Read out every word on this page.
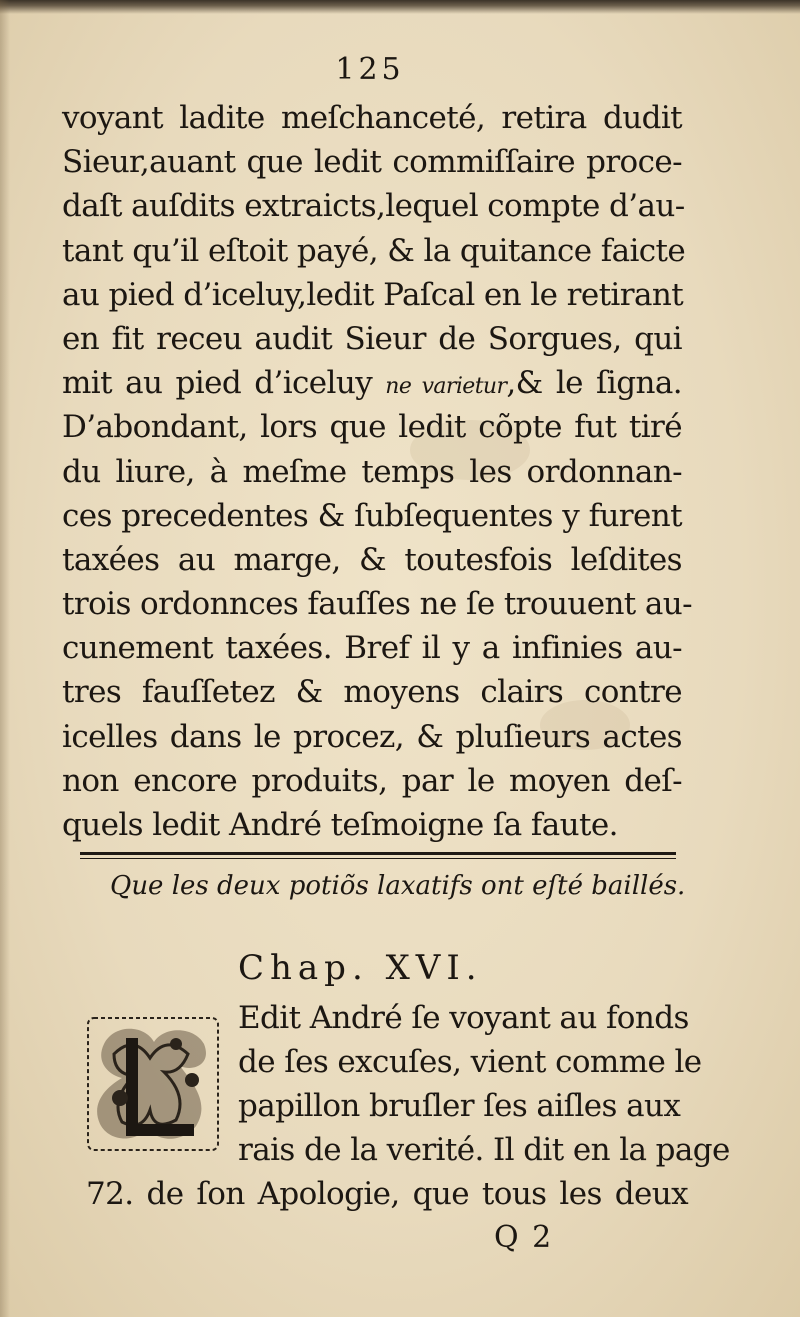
125
voyant ladite meſchanceté, retira dudit
Sieur,auant que ledit commiſſaire proce-
daſt auſdits extraicts,lequel compte d’au-
tant qu’il eſtoit payé, & la quitance faicte
au pied d’iceluy,ledit Paſcal en le retirant
en fit receu audit Sieur de Sorgues, qui
mit au pied d’iceluy ne varietur,& le ſigna.
D’abondant, lors que ledit cõpte fut tiré
du liure, à meſme temps les ordonnan-
ces precedentes & ſubſequentes y furent
taxées au marge, & toutesfois leſdites
trois ordonnces fauſſes ne ſe trouuent au-
cunement taxées. Bref il y a infinies au-
tres fauſſetez & moyens clairs contre
icelles dans le procez, & pluſieurs actes
non encore produits, par le moyen deſ-
quels ledit André teſmoigne ſa faute.
Que les deux potiõs laxatifs ont eſté baillés.
Chap. XVI.
Edit André ſe voyant au fonds
de ſes excuſes, vient comme le
papillon bruſler ſes aiſles aux
rais de la verité. Il dit en la page
72. de ſon Apologie, que tous les deux
Q 2
